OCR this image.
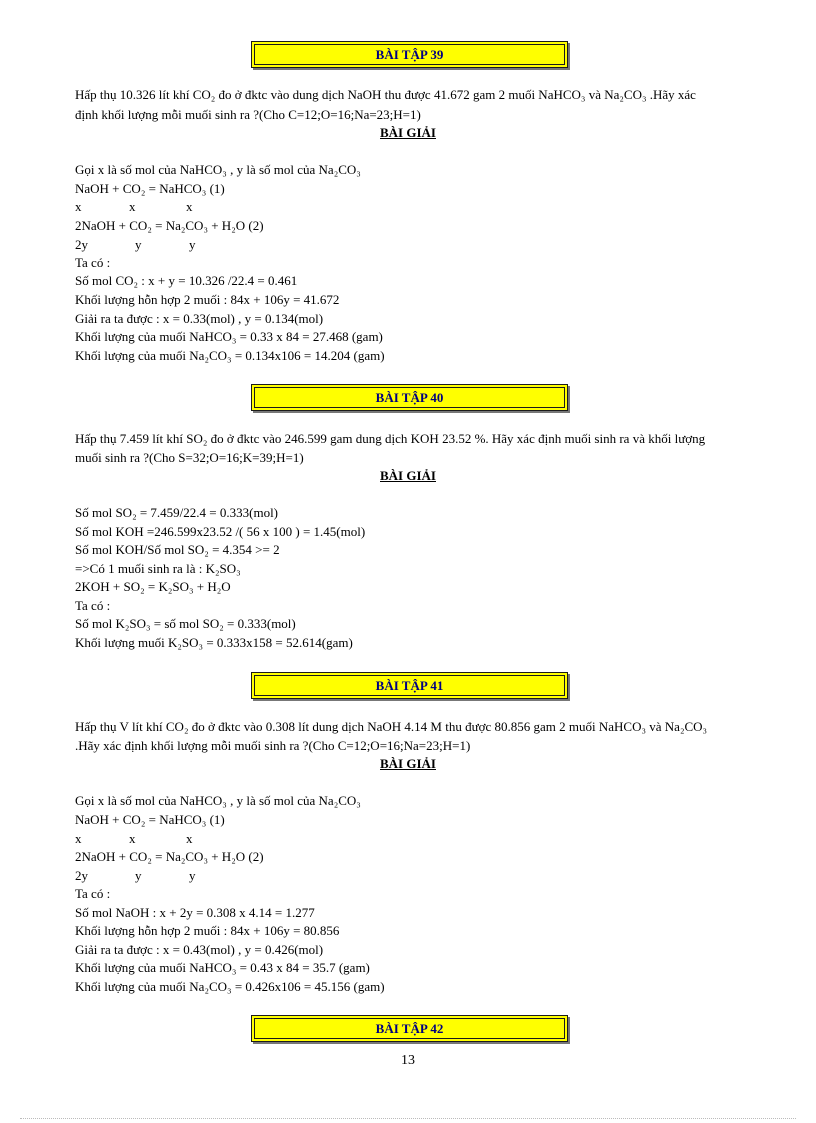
BÀI TẬP 39
Hấp thụ 10.326 lít khí CO₂ đo ở đktc vào dung dịch NaOH thu được 41.672 gam 2 muối NaHCO₃ và Na₂CO₃ .Hãy xác
định khối lượng mỗi muối sinh ra ?(Cho C=12;O=16;Na=23;H=1)
BÀI GIẢI
Gọi x là số mol của NaHCO₃ , y là số mol của Na₂CO₃
NaOH + CO₂ = NaHCO₃ (1)
x	x	x
2NaOH + CO₂ = Na₂CO₃ + H₂O (2)
2y	y	y
Ta có :
Số mol CO₂ : x + y = 10.326 /22.4 = 0.461
Khối lượng hỗn hợp 2 muối : 84x + 106y = 41.672
Giải ra ta được : x = 0.33(mol) , y = 0.134(mol)
Khối lượng của muối NaHCO₃ = 0.33 x 84 = 27.468 (gam)
Khối lượng của muối Na₂CO₃ = 0.134x106 = 14.204 (gam)
BÀI TẬP 40
Hấp thụ 7.459 lít khí SO₂ đo ở đktc vào 246.599 gam dung dịch KOH 23.52 %. Hãy xác định muối sinh ra và khối lượng
muối sinh ra ?(Cho S=32;O=16;K=39;H=1)
BÀI GIẢI
Số mol SO₂ = 7.459/22.4 = 0.333(mol)
Số mol KOH =246.599x23.52 /( 56 x 100 ) = 1.45(mol)
Số mol KOH/Số mol SO₂ = 4.354 >= 2
=>Có 1 muối sinh ra là : K₂SO₃
2KOH + SO₂ = K₂SO₃ + H₂O
Ta có :
Số mol K₂SO₃ = số mol SO₂ = 0.333(mol)
Khối lượng muối K₂SO₃ = 0.333x158 = 52.614(gam)
BÀI TẬP 41
Hấp thụ V lít khí CO₂ đo ở đktc vào 0.308 lít dung dịch NaOH 4.14 M thu được 80.856 gam 2 muối NaHCO₃ và Na₂CO₃
.Hãy xác định khối lượng mỗi muối sinh ra ?(Cho C=12;O=16;Na=23;H=1)
BÀI GIẢI
Gọi x là số mol của NaHCO₃ , y là số mol của Na₂CO₃
NaOH + CO₂ = NaHCO₃ (1)
x	x	x
2NaOH + CO₂ = Na₂CO₃ + H₂O (2)
2y	y	y
Ta có :
Số mol NaOH : x + 2y = 0.308 x 4.14 = 1.277
Khối lượng hỗn hợp 2 muối : 84x + 106y = 80.856
Giải ra ta được : x = 0.43(mol) , y = 0.426(mol)
Khối lượng của muối NaHCO₃ = 0.43 x 84 = 35.7 (gam)
Khối lượng của muối Na₂CO₃ = 0.426x106 = 45.156 (gam)
BÀI TẬP 42
13
